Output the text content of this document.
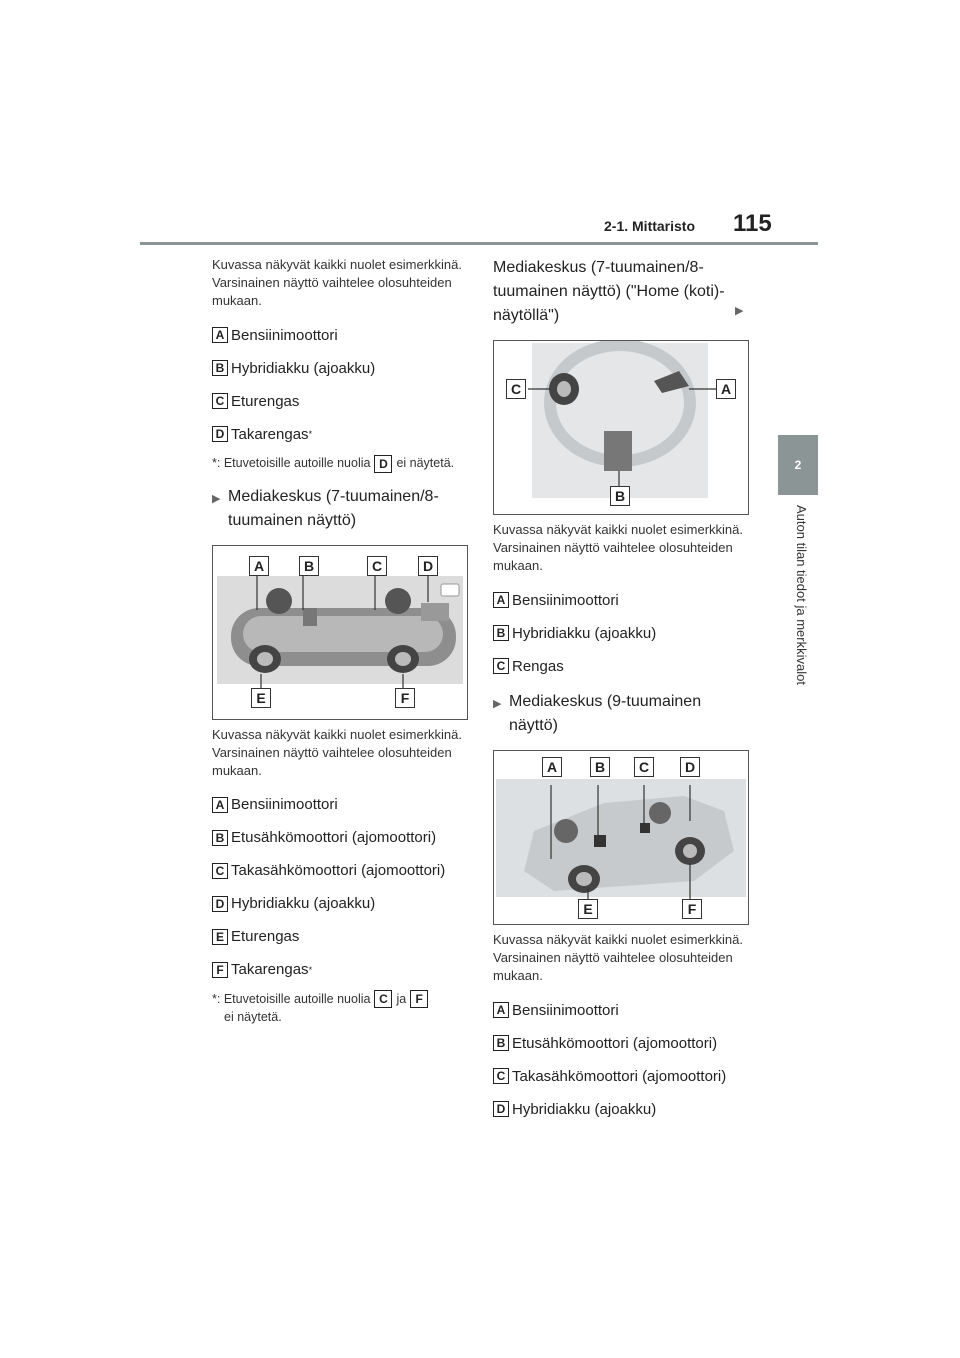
2-1. Mittaristo 115
2
Auton tilan tiedot ja merkkivalot
Kuvassa näkyvät kaikki nuolet esimerkkinä. Varsinainen näyttö vaihtelee olosuhteiden mukaan.
A Bensiinimoottori
B Hybridiakku (ajoakku)
C Eturengas
D Takarengas *
*: Etuvetoisille autoille nuolia D ei näytetä.
▶ Mediakeskus (7-tuumainen/8-tuumainen näyttö)
A	B	C	D
E	F
Kuvassa näkyvät kaikki nuolet esimerkkinä. Varsinainen näyttö vaihtelee olosuhteiden mukaan.
A Bensiinimoottori
B Etusähkömoottori (ajomoottori)
C Takasähkömoottori (ajomoottori)
D Hybridiakku (ajoakku)
E Eturengas
F Takarengas *
*: Etuvetoisille autoille nuolia C ja F
ei näytetä.
Mediakeskus (7-tuumainen/8-tuumainen näyttö) ("Home (koti)-näytöllä")	▶
C	A
B
Kuvassa näkyvät kaikki nuolet esimerkkinä. Varsinainen näyttö vaihtelee olosuhteiden mukaan.
A Bensiinimoottori
B Hybridiakku (ajoakku)
C Rengas
▶ Mediakeskus (9-tuumainen näyttö)
A	B	C	D
E	F
Kuvassa näkyvät kaikki nuolet esimerkkinä. Varsinainen näyttö vaihtelee olosuhteiden mukaan.
A Bensiinimoottori
B Etusähkömoottori (ajomoottori)
C Takasähkömoottori (ajomoottori)
D Hybridiakku (ajoakku)
